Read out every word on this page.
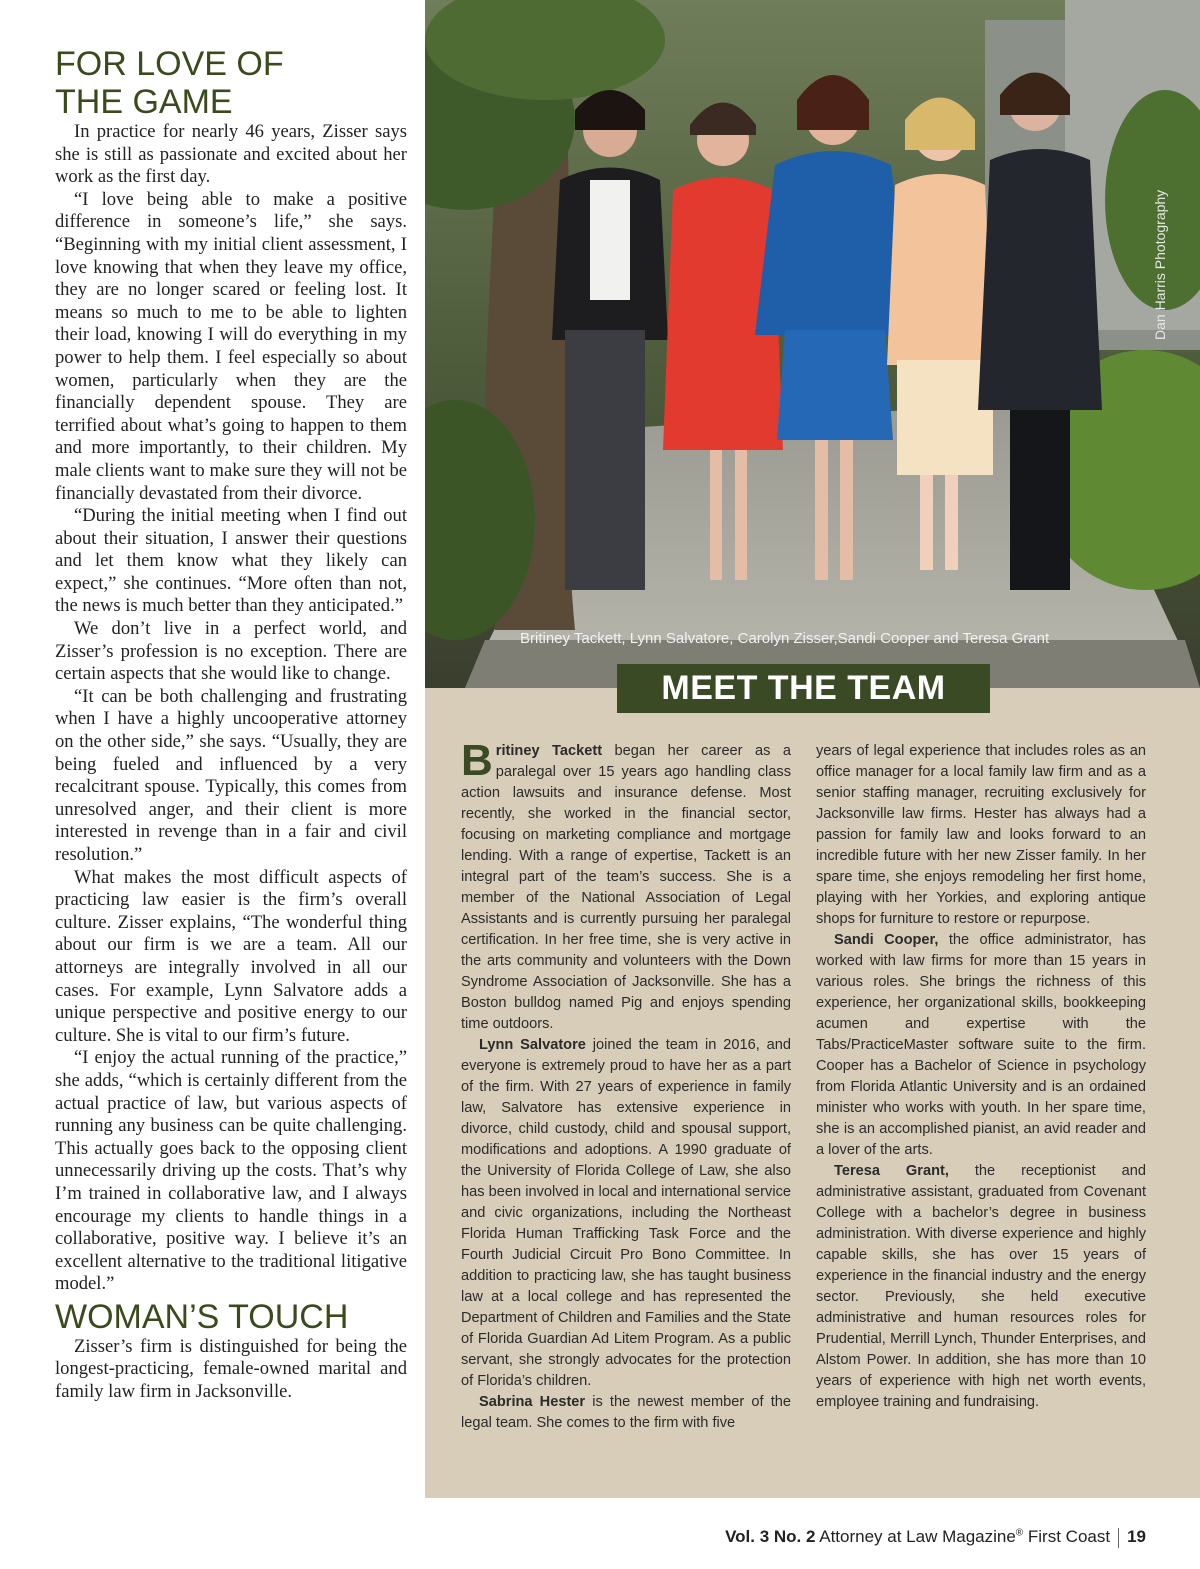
FOR LOVE OF
THE GAME

In practice for nearly 46 years, Zisser says she is still as passionate and excited about her work as the first day.

“I love being able to make a positive difference in someone’s life,” she says. “Beginning with my initial client assessment, I love knowing that when they leave my office, they are no longer scared or feeling lost. It means so much to me to be able to lighten their load, knowing I will do everything in my power to help them. I feel especially so about women, particularly when they are the financially dependent spouse. They are terrified about what’s going to happen to them and more importantly, to their children. My male clients want to make sure they will not be financially devastated from their divorce.

“During the initial meeting when I find out about their situation, I answer their questions and let them know what they likely can expect,” she continues. “More often than not, the news is much better than they anticipated.”

We don’t live in a perfect world, and Zisser’s profession is no exception. There are certain aspects that she would like to change.

“It can be both challenging and frustrating when I have a highly uncooperative attorney on the other side,” she says. “Usually, they are being fueled and influenced by a very recalcitrant spouse. Typically, this comes from unresolved anger, and their client is more interested in revenge than in a fair and civil resolution.”

What makes the most difficult aspects of practicing law easier is the firm’s overall culture. Zisser explains, “The wonderful thing about our firm is we are a team. All our attorneys are integrally involved in all our cases. For example, Lynn Salvatore adds a unique perspective and positive energy to our culture. She is vital to our firm’s future.

“I enjoy the actual running of the practice,” she adds, “which is certainly different from the actual practice of law, but various aspects of running any business can be quite challenging. This actually goes back to the opposing client unnecessarily driving up the costs. That’s why I’m trained in collaborative law, and I always encourage my clients to handle things in a collaborative, positive way. I believe it’s an excellent alternative to the traditional litigative model.”

WOMAN’S TOUCH

Zisser’s firm is distinguished for being the longest-practicing, female-owned marital and family law firm in Jacksonville.

Dan Harris Photography
Britiney Tackett, Lynn Salvatore, Carolyn Zisser,Sandi Cooper and Teresa Grant
MEET THE TEAM

Britiney Tackett began her career as a paralegal over 15 years ago handling class action lawsuits and insurance defense. Most recently, she worked in the financial sector, focusing on marketing compliance and mortgage lending. With a range of expertise, Tackett is an integral part of the team’s success. She is a member of the National Association of Legal Assistants and is currently pursuing her paralegal certification. In her free time, she is very active in the arts community and volunteers with the Down Syndrome Association of Jacksonville. She has a Boston bulldog named Pig and enjoys spending time outdoors.

Lynn Salvatore joined the team in 2016, and everyone is extremely proud to have her as a part of the firm. With 27 years of experience in family law, Salvatore has extensive experience in divorce, child custody, child and spousal support, modifications and adoptions. A 1990 graduate of the University of Florida College of Law, she also has been involved in local and international service and civic organizations, including the Northeast Florida Human Trafficking Task Force and the Fourth Judicial Circuit Pro Bono Committee. In addition to practicing law, she has taught business law at a local college and has represented the Department of Children and Families and the State of Florida Guardian Ad Litem Program. As a public servant, she strongly advocates for the protection of Florida’s children.

Sabrina Hester is the newest member of the legal team. She comes to the firm with five

years of legal experience that includes roles as an office manager for a local family law firm and as a senior staffing manager, recruiting exclusively for Jacksonville law firms. Hester has always had a passion for family law and looks forward to an incredible future with her new Zisser family. In her spare time, she enjoys remodeling her first home, playing with her Yorkies, and exploring antique shops for furniture to restore or repurpose.

Sandi Cooper, the office administrator, has worked with law firms for more than 15 years in various roles. She brings the richness of this experience, her organizational skills, bookkeeping acumen and expertise with the Tabs/PracticeMaster software suite to the firm. Cooper has a Bachelor of Science in psychology from Florida Atlantic University and is an ordained minister who works with youth. In her spare time, she is an accomplished pianist, an avid reader and a lover of the arts.

Teresa Grant, the receptionist and administrative assistant, graduated from Covenant College with a bachelor’s degree in business administration. With diverse experience and highly capable skills, she has over 15 years of experience in the financial industry and the energy sector. Previously, she held executive administrative and human resources roles for Prudential, Merrill Lynch, Thunder Enterprises, and Alstom Power. In addition, she has more than 10 years of experience with high net worth events, employee training and fundraising.

Vol. 3 No. 2 Attorney at Law Magazine® First Coast 19
